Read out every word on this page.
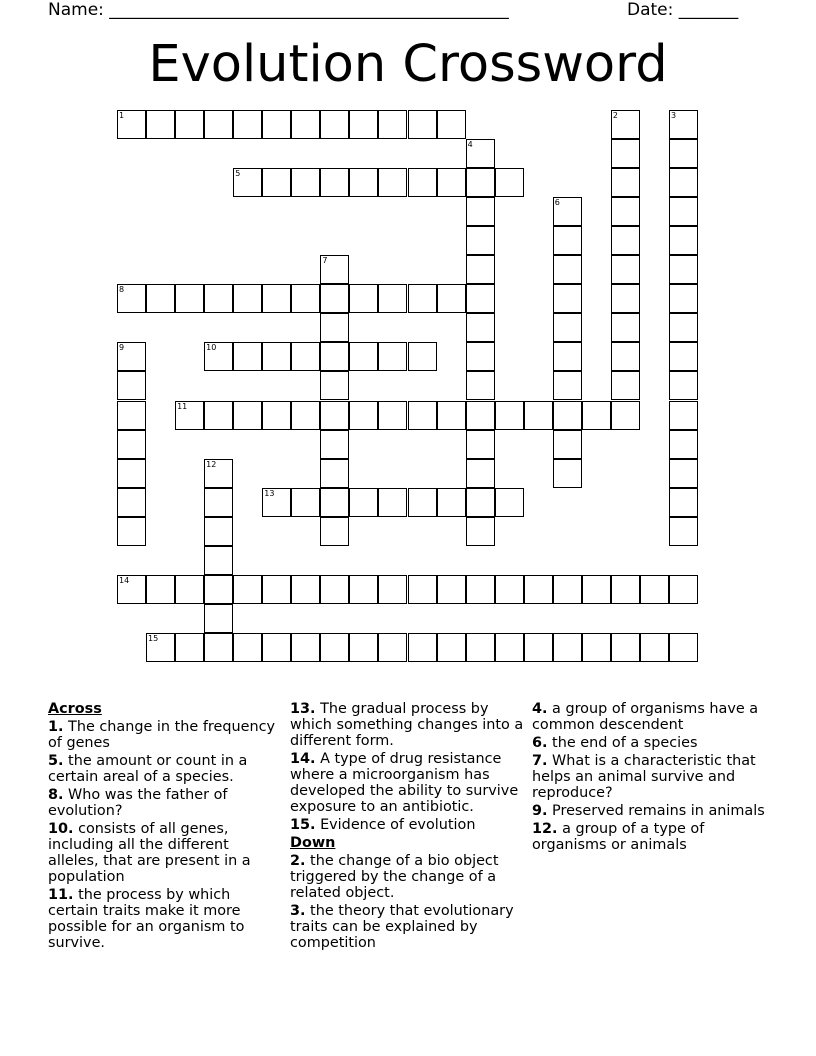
Name: _______________________________________________	Date: _______
Evolution Crossword
1	2	3
4
5
6
7
8
9	10
11
12
13
14
15
Across
1. The change in the frequency of genes
5. the amount or count in a certain areal of a species.
8. Who was the father of evolution?
10. consists of all genes, including all the different alleles, that are present in a population
11. the process by which certain traits make it more possible for an organism to survive.
13. The gradual process by which something changes into a different form.
14. A type of drug resistance where a microorganism has developed the ability to survive exposure to an antibiotic.
15. Evidence of evolution
Down
2. the change of a bio object triggered by the change of a related object.
3. the theory that evolutionary traits can be explained by competition
4. a group of organisms have a common descendent
6. the end of a species
7. What is a characteristic that helps an animal survive and reproduce?
9. Preserved remains in animals
12. a group of a type of organisms or animals
